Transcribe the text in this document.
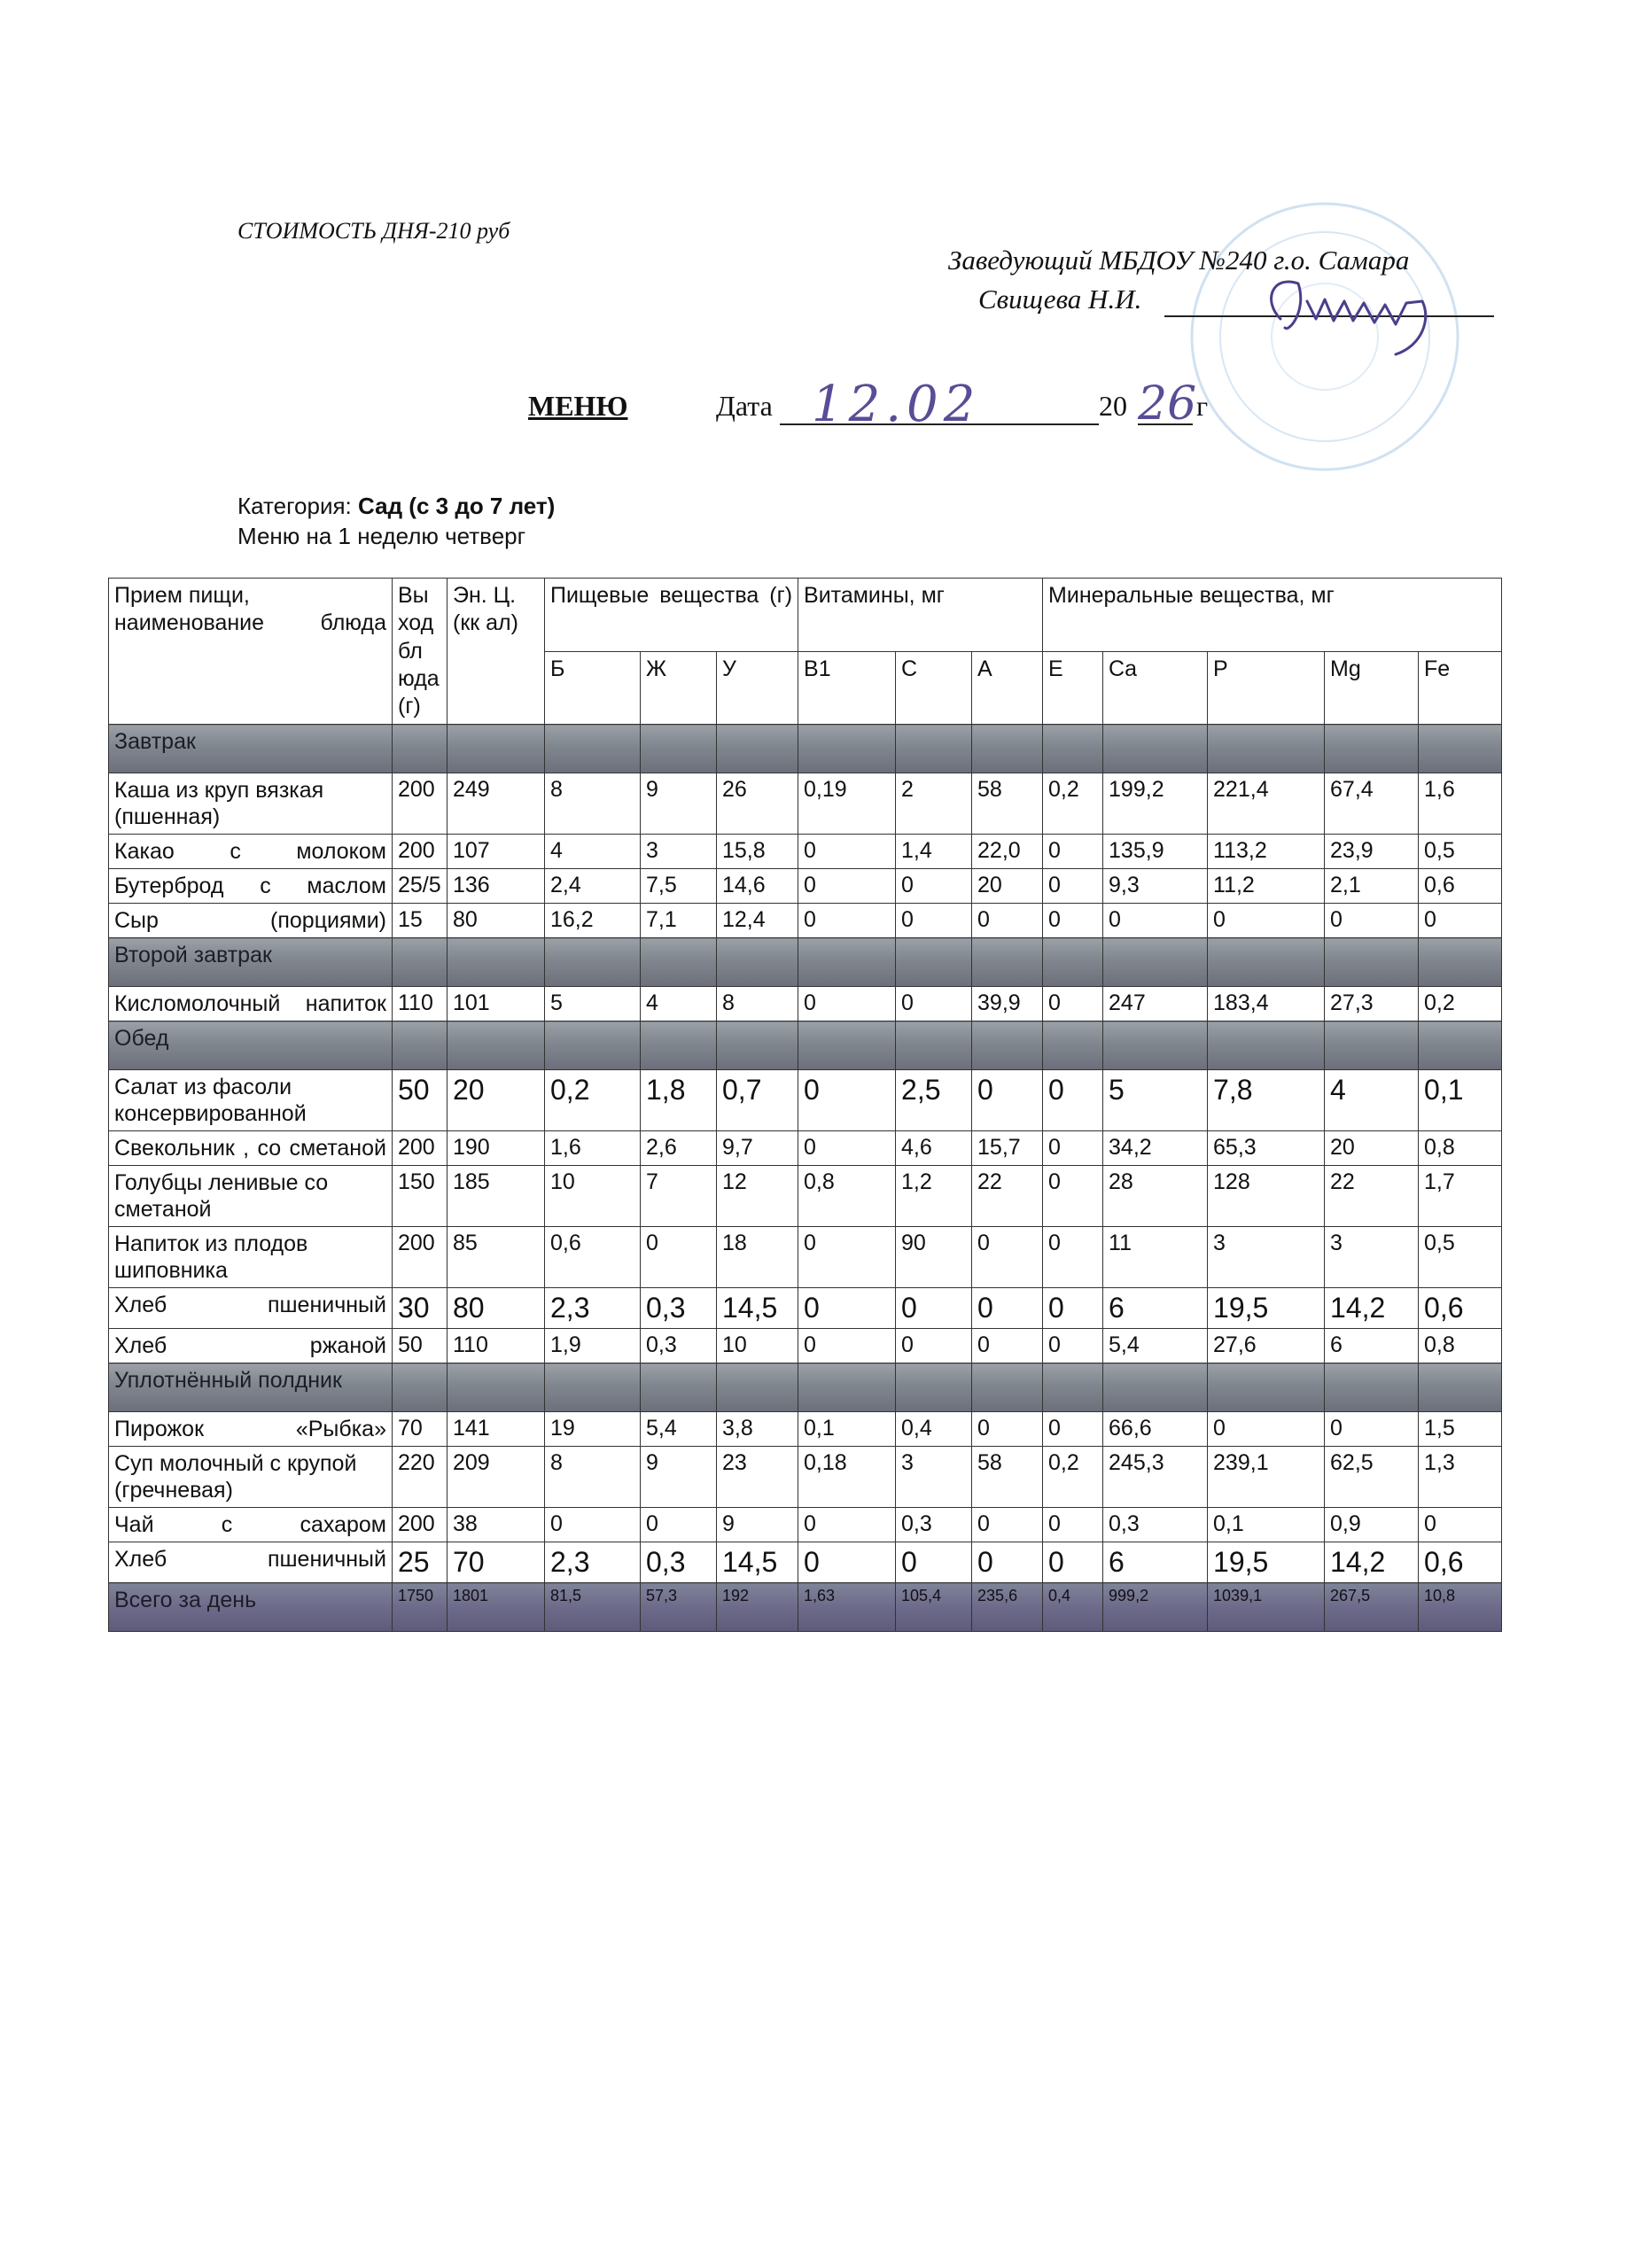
СТОИМОСТЬ ДНЯ-210 руб
Заведующий МБДОУ №240 г.о. Самара
Свищева Н.И.
МЕНЮ	Дата 12.02	20 26 г
Категория: Сад (с 3 до 7 лет)
Меню на 1 неделю четверг
Прием пищи, наименование блюда	Вы ход бл юда (г)	Эн. Ц.(кк ал)	Пищевые вещества (г)			Витамины, мг			Минеральные вещества, мг				
			Б	Ж	У	B1	C	A	E	Ca	P	Mg	Fe
Завтрак													
Каша из круп вязкая (пшенная)	200	249	8	9	26	0,19	2	58	0,2	199,2	221,4	67,4	1,6
Какао с молоком	200	107	4	3	15,8	0	1,4	22,0	0	135,9	113,2	23,9	0,5
Бутерброд с маслом	25/5	136	2,4	7,5	14,6	0	0	20	0	9,3	11,2	2,1	0,6
Сыр (порциями)	15	80	16,2	7,1	12,4	0	0	0	0	0	0	0	0
Второй завтрак													
Кисломолочный напиток	110	101	5	4	8	0	0	39,9	0	247	183,4	27,3	0,2
Обед													
Салат из фасоли консервированной	50	20	0,2	1,8	0,7	0	2,5	0	0	5	7,8	4	0,1
Свекольник , со сметаной	200	190	1,6	2,6	9,7	0	4,6	15,7	0	34,2	65,3	20	0,8
Голубцы ленивые со сметаной	150	185	10	7	12	0,8	1,2	22	0	28	128	22	1,7
Напиток из плодов шиповника	200	85	0,6	0	18	0	90	0	0	11	3	3	0,5
Хлеб пшеничный	30	80	2,3	0,3	14,5	0	0	0	0	6	19,5	14,2	0,6
Хлеб ржаной	50	110	1,9	0,3	10	0	0	0	0	5,4	27,6	6	0,8
Уплотнённый полдник													
Пирожок «Рыбка»	70	141	19	5,4	3,8	0,1	0,4	0	0	66,6	0	0	1,5
Суп молочный с крупой (гречневая)	220	209	8	9	23	0,18	3	58	0,2	245,3	239,1	62,5	1,3
Чай с сахаром	200	38	0	0	9	0	0,3	0	0	0,3	0,1	0,9	0
Хлеб пшеничный	25	70	2,3	0,3	14,5	0	0	0	0	6	19,5	14,2	0,6
Всего за день	1750	1801	81,5	57,3	192	1,63	105,4	235,6	0,4	999,2	1039,1	267,5	10,8
